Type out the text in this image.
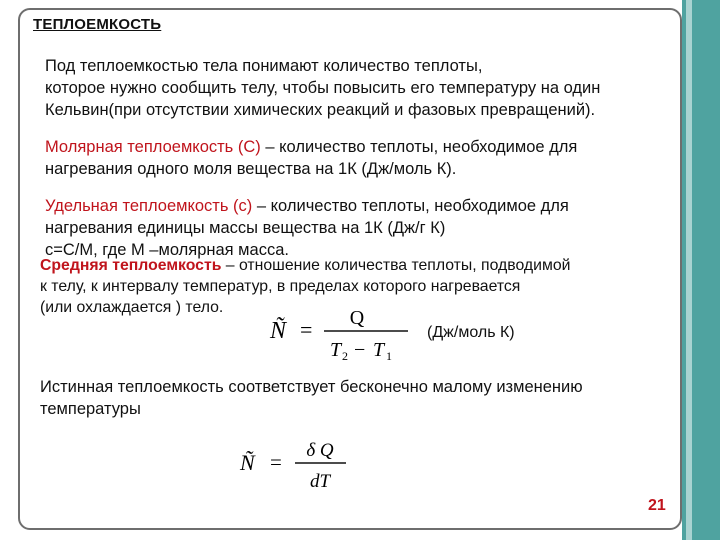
ТЕПЛОЕМКОСТЬ
Под теплоемкостью тела понимают количество теплоты,
которое нужно сообщить телу, чтобы повысить его температуру на один
Кельвин(при отсутствии химических реакций и фазовых превращений).
Молярная теплоемкость (С) – количество теплоты, необходимое для
нагревания одного моля вещества на 1К (Дж/моль К).
Удельная теплоемкость (с) – количество теплоты, необходимое для
нагревания единицы массы вещества на 1К (Дж/г К)
с=С/М, где М –молярная масса.
Средняя теплоемкость – отношение количества теплоты, подводимой
к телу, к интервалу температур, в пределах которого нагревается
(или охлаждается ) тело.
Ñ = Q
T 2 − T 1
(Дж/моль К)
Истинная теплоемкость соответствует бесконечно малому изменению
температуры
Ñ = δ Q
dT
21
